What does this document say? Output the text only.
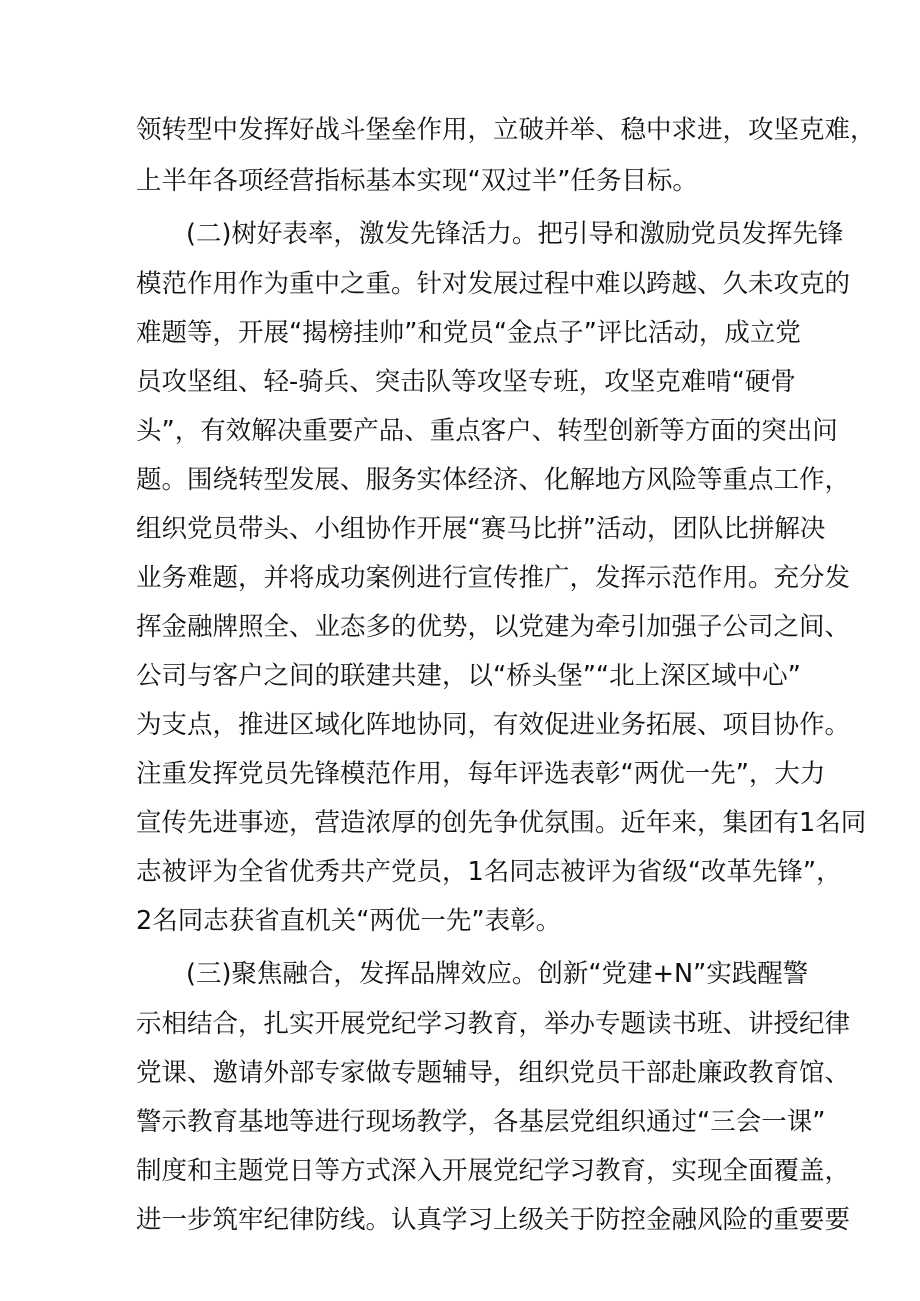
领转型中发挥好战斗堡垒作用，立破并举、稳中求进，攻坚克难，
上半年各项经营指标基本实现“双过半”任务目标。
(二)树好表率，激发先锋活力。把引导和激励党员发挥先锋
模范作用作为重中之重。针对发展过程中难以跨越、久未攻克的
难题等，开展“揭榜挂帅”和党员“金点子”评比活动，成立党
员攻坚组、轻-骑兵、突击队等攻坚专班，攻坚克难啃“硬骨
头”，有效解决重要产品、重点客户、转型创新等方面的突出问
题。围绕转型发展、服务实体经济、化解地方风险等重点工作，
组织党员带头、小组协作开展“赛马比拼”活动，团队比拼解决
业务难题，并将成功案例进行宣传推广，发挥示范作用。充分发
挥金融牌照全、业态多的优势，以党建为牵引加强子公司之间、
公司与客户之间的联建共建，以“桥头堡”“北上深区域中心”
为支点，推进区域化阵地协同，有效促进业务拓展、项目协作。
注重发挥党员先锋模范作用，每年评选表彰“两优一先”，大力
宣传先进事迹，营造浓厚的创先争优氛围。近年来，集团有1名同
志被评为全省优秀共产党员，1名同志被评为省级“改革先锋”，
2名同志获省直机关“两优一先”表彰。
(三)聚焦融合，发挥品牌效应。创新“党建+N”实践醒警
示相结合，扎实开展党纪学习教育，举办专题读书班、讲授纪律
党课、邀请外部专家做专题辅导，组织党员干部赴廉政教育馆、
警示教育基地等进行现场教学，各基层党组织通过“三会一课”
制度和主题党日等方式深入开展党纪学习教育，实现全面覆盖，
进一步筑牢纪律防线。认真学习上级关于防控金融风险的重要要
